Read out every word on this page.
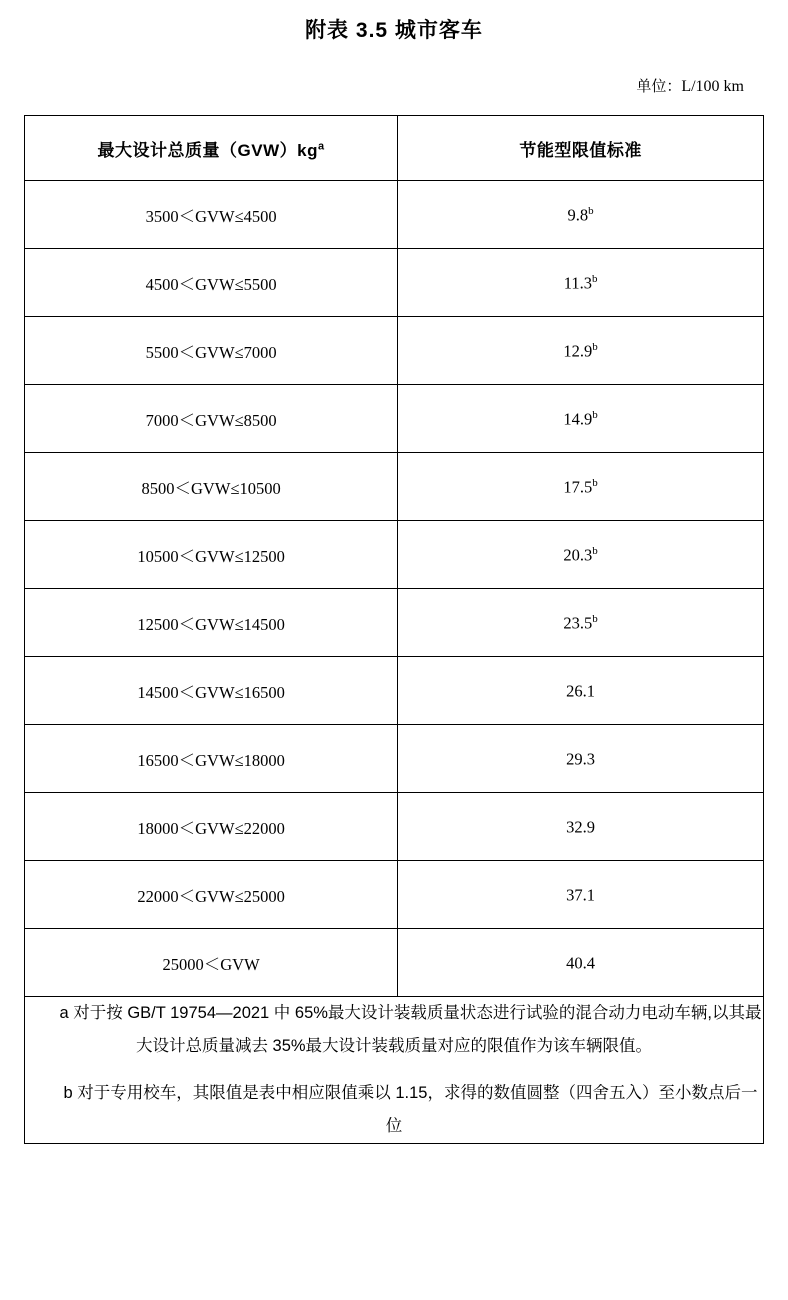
附表 3.5 城市客车
单位：L/100 km
最大设计总质量$(GVW)kg^a$	节能型限值标准
3500＜GVW≤4500	9.8$^b$
4500＜GVW≤5500	11.3$^b$
5500＜GVW≤7000	12.9$^b$
7000＜GVW≤8500	14.9$^b$
8500＜GVW≤10500	17.5$^b$
10500＜GVW≤12500	20.3$^b$
12500＜GVW≤14500	23.5$^b$
14500＜GVW≤16500	26.1
16500＜GVW≤18000	29.3
18000＜GVW≤22000	32.9
22000＜GVW≤25000	37.1
25000＜GVW	40.4

a 对于按 GB/T 19754—2021 中 65%最大设计装载质量状态进行试验的混合动力电动车辆,以其最大设计总质量减去 35%最大设计装载质量对应的限值作为该车辆限值。

b 对于专用校车，其限值是表中相应限值乘以 1.15，求得的数值圆整（四舍五入）至小数点后一位	
